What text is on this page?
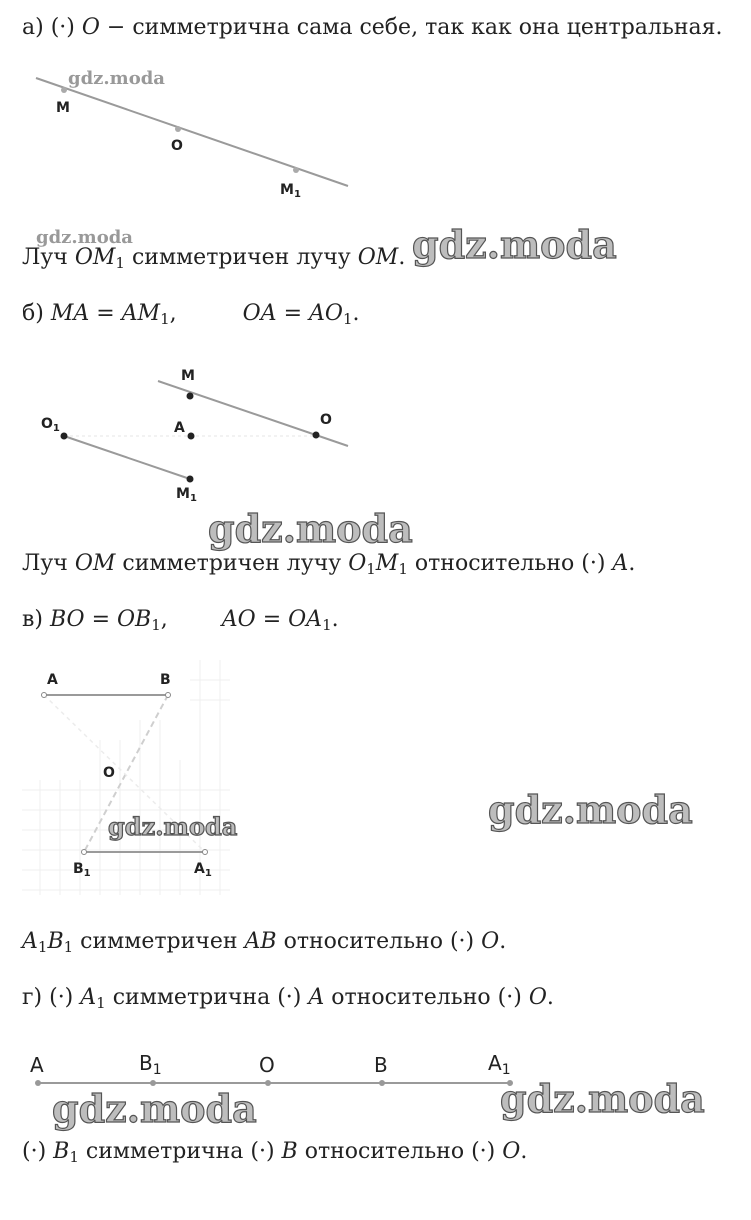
а) (·) O − симметрична сама себе, так как она центральная.
Луч $OM_1$ симметричен лучу OM.
б) MA = $AM_1$,	OA = $AO_1$.
Луч OM симметричен лучу $O_1M_1$ относительно (·) A.
в) BO = $OB_1$,  AO = $OA_1$.
$A_1B_1$ симметричен AB относительно (·) O.
г) (·) $A_1$ симметрична (·) A относительно (·) O.
(·) $B_1$ симметрична (·) B относительно (·) O.
M
O
$M_1$
gdz.moda
gdz.moda	gdz.moda
M
O
A
$O_1$
$M_1$
gdz.moda
A	B
O
$B_1$	$A_1$
gdz.moda	gdz.moda
A	$B_1$	O	B	$A_1$
gdz.moda	gdz.moda
